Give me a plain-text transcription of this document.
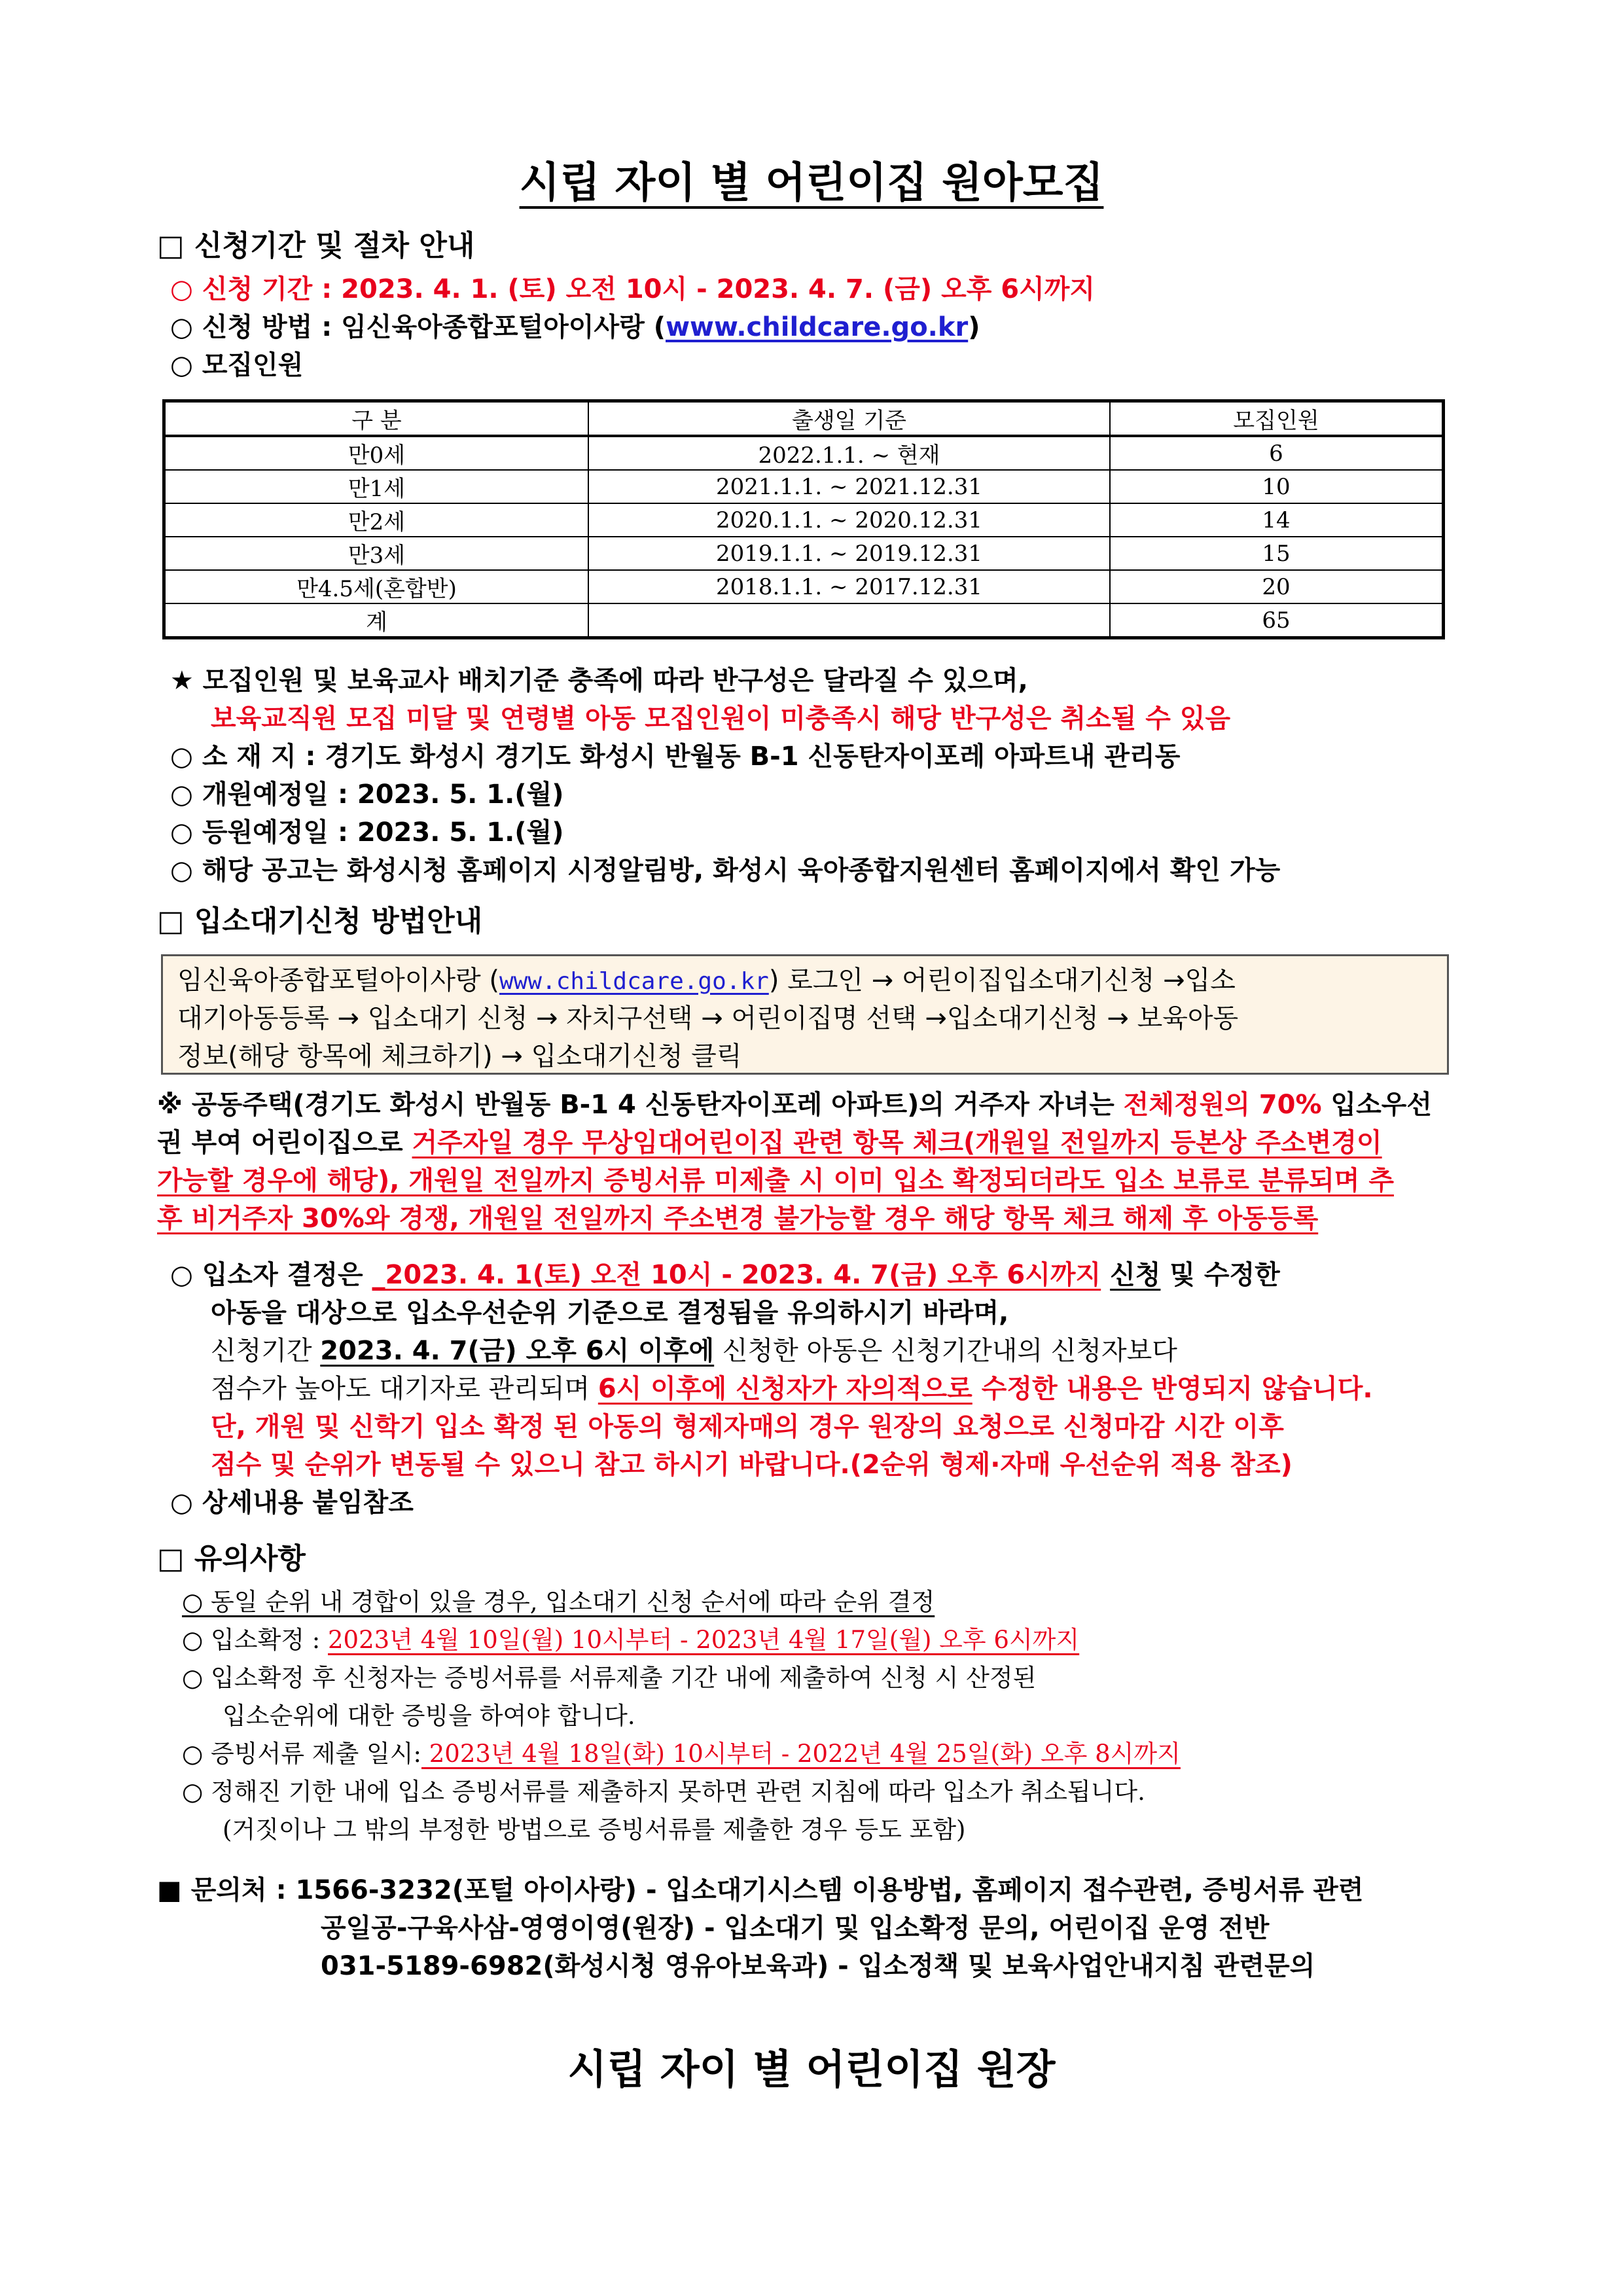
시립 자이 별 어린이집 원아모집
□ 신청기간 및 절차 안내
○ 신청 기간 : 2023. 4. 1. (토) 오전 10시 - 2023. 4. 7. (금) 오후 6시까지
○ 신청 방법 : 임신육아종합포털아이사랑 (www.childcare.go.kr)
○ 모집인원
구 분	출생일 기준	모집인원
만0세	2022.1.1. ~ 현재	6
만1세	2021.1.1. ~ 2021.12.31	10
만2세	2020.1.1. ~ 2020.12.31	14
만3세	2019.1.1. ~ 2019.12.31	15
만4.5세(혼합반)	2018.1.1. ~ 2017.12.31	20
계		65
★ 모집인원 및 보육교사 배치기준 충족에 따라 반구성은 달라질 수 있으며,
보육교직원 모집 미달 및 연령별 아동 모집인원이 미충족시 해당 반구성은 취소될 수 있음
○ 소 재 지 : 경기도 화성시 경기도 화성시 반월동 B-1 신동탄자이포레 아파트내 관리동
○ 개원예정일 : 2023. 5. 1.(월)
○ 등원예정일 : 2023. 5. 1.(월)
○ 해당 공고는 화성시청 홈페이지 시정알림방, 화성시 육아종합지원센터 홈페이지에서 확인 가능
□ 입소대기신청 방법안내
임신육아종합포털아이사랑 (www.childcare.go.kr) 로그인 → 어린이집입소대기신청 →입소
대기아동등록 → 입소대기 신청 → 자치구선택 → 어린이집명 선택 →입소대기신청 → 보육아동
정보(해당 항목에 체크하기) → 입소대기신청 클릭
※ 공동주택(경기도 화성시 반월동 B-1 4 신동탄자이포레 아파트)의 거주자 자녀는 전체정원의 70% 입소우선
권 부여 어린이집으로 거주자일 경우 무상임대어린이집 관련 항목 체크(개원일 전일까지 등본상 주소변경이
가능할 경우에 해당), 개원일 전일까지 증빙서류 미제출 시 이미 입소 확정되더라도 입소 보류로 분류되며 추
후 비거주자 30%와 경쟁, 개원일 전일까지 주소변경 불가능할 경우 해당 항목 체크 해제 후 아동등록
○ 입소자 결정은 _2023. 4. 1(토) 오전 10시 - 2023. 4. 7(금) 오후 6시까지 신청 및 수정한
아동을 대상으로 입소우선순위 기준으로 결정됨을 유의하시기 바라며,
신청기간 2023. 4. 7(금) 오후 6시 이후에 신청한 아동은 신청기간내의 신청자보다
점수가 높아도 대기자로 관리되며 6시 이후에 신청자가 자의적으로 수정한 내용은 반영되지 않습니다.
단, 개원 및 신학기 입소 확정 된 아동의 형제자매의 경우 원장의 요청으로 신청마감 시간 이후
점수 및 순위가 변동될 수 있으니 참고 하시기 바랍니다.(2순위 형제·자매 우선순위 적용 참조)
○ 상세내용 붙임참조
□ 유의사항
○ 동일 순위 내 경합이 있을 경우, 입소대기 신청 순서에 따라 순위 결정
○ 입소확정 : 2023년 4월 10일(월) 10시부터 - 2023년 4월 17일(월) 오후 6시까지
○ 입소확정 후 신청자는 증빙서류를 서류제출 기간 내에 제출하여 신청 시 산정된
입소순위에 대한 증빙을 하여야 합니다.
○ 증빙서류 제출 일시: 2023년 4월 18일(화) 10시부터 - 2022년 4월 25일(화) 오후 8시까지
○ 정해진 기한 내에 입소 증빙서류를 제출하지 못하면 관련 지침에 따라 입소가 취소됩니다.
(거짓이나 그 밖의 부정한 방법으로 증빙서류를 제출한 경우 등도 포함)
■ 문의처 : 1566-3232(포털 아이사랑) - 입소대기시스템 이용방법, 홈페이지 접수관련, 증빙서류 관련
공일공-구육사삼-영영이영(원장) - 입소대기 및 입소확정 문의, 어린이집 운영 전반
031-5189-6982(화성시청 영유아보육과) - 입소정책 및 보육사업안내지침 관련문의
시립 자이 별 어린이집 원장
